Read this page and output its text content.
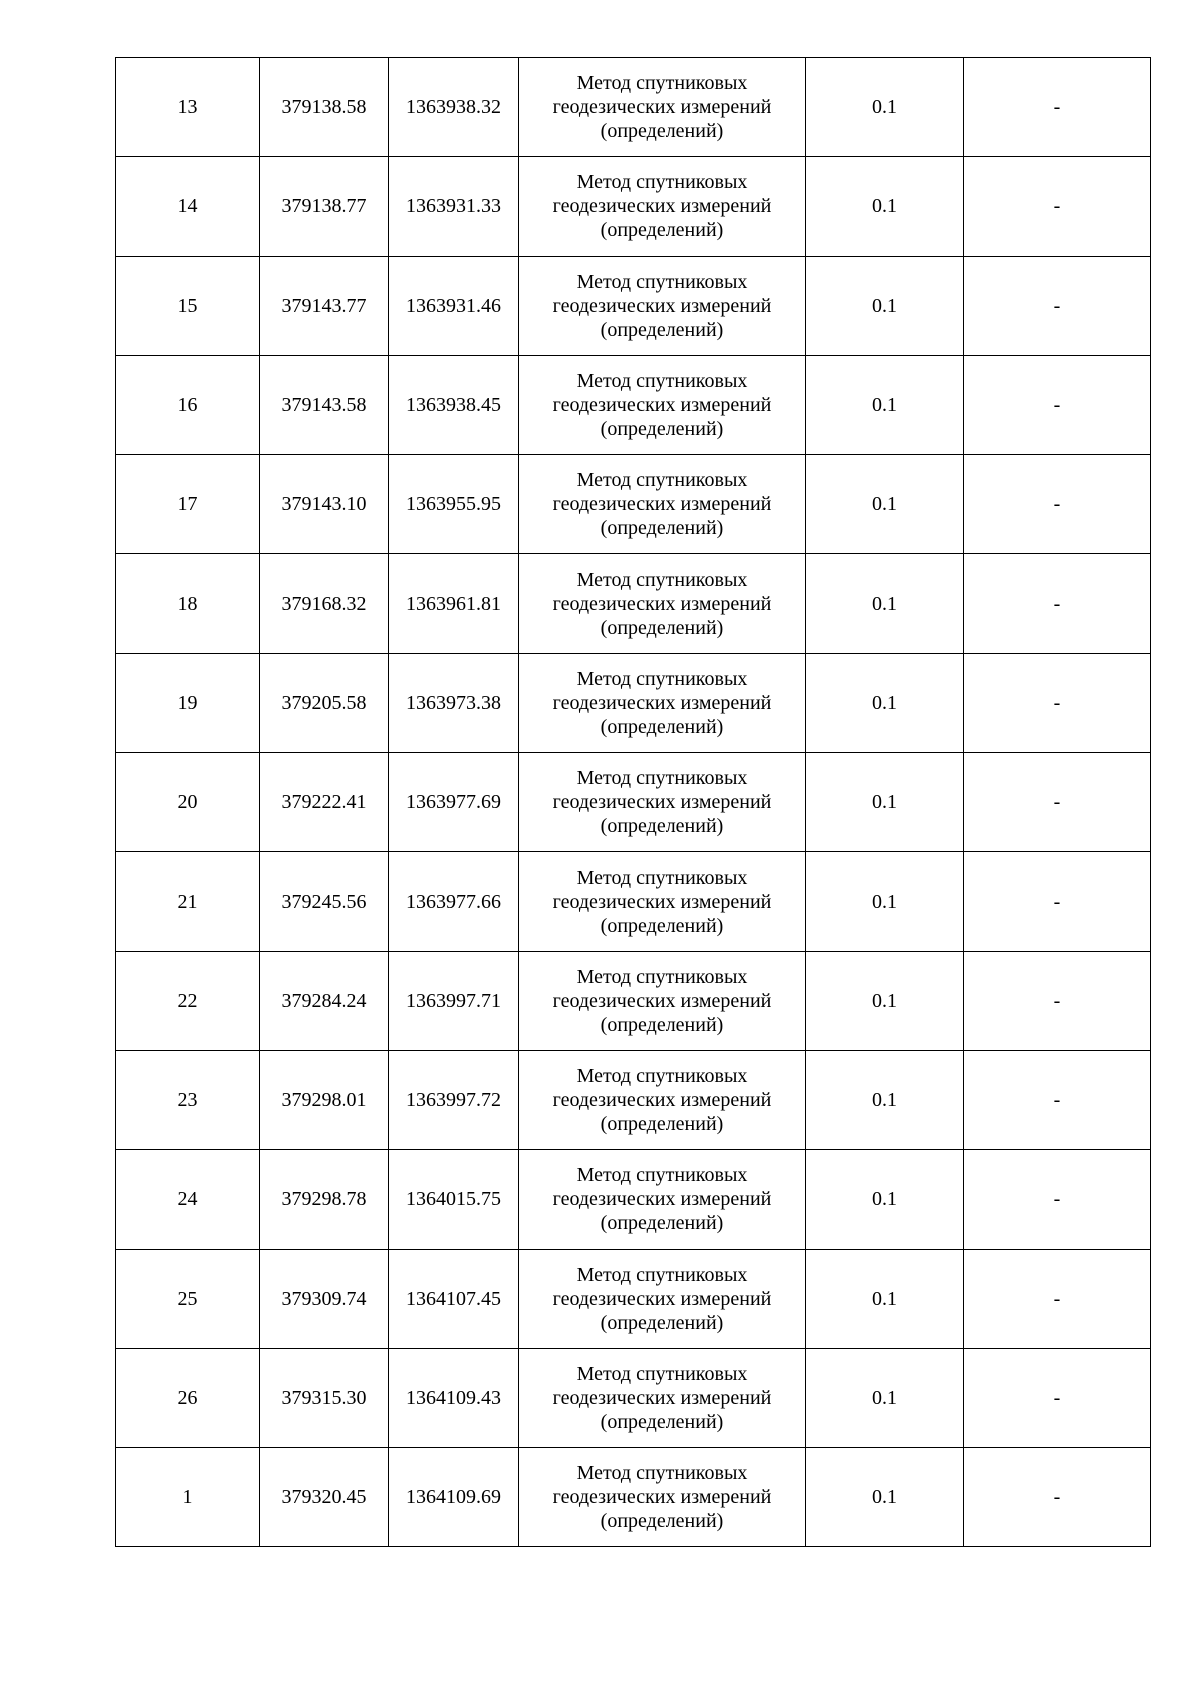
13	379138.58	1363938.32	Метод спутниковых
геодезических измерений
(определений)	0.1	-
14	379138.77	1363931.33	Метод спутниковых
геодезических измерений
(определений)	0.1	-
15	379143.77	1363931.46	Метод спутниковых
геодезических измерений
(определений)	0.1	-
16	379143.58	1363938.45	Метод спутниковых
геодезических измерений
(определений)	0.1	-
17	379143.10	1363955.95	Метод спутниковых
геодезических измерений
(определений)	0.1	-
18	379168.32	1363961.81	Метод спутниковых
геодезических измерений
(определений)	0.1	-
19	379205.58	1363973.38	Метод спутниковых
геодезических измерений
(определений)	0.1	-
20	379222.41	1363977.69	Метод спутниковых
геодезических измерений
(определений)	0.1	-
21	379245.56	1363977.66	Метод спутниковых
геодезических измерений
(определений)	0.1	-
22	379284.24	1363997.71	Метод спутниковых
геодезических измерений
(определений)	0.1	-
23	379298.01	1363997.72	Метод спутниковых
геодезических измерений
(определений)	0.1	-
24	379298.78	1364015.75	Метод спутниковых
геодезических измерений
(определений)	0.1	-
25	379309.74	1364107.45	Метод спутниковых
геодезических измерений
(определений)	0.1	-
26	379315.30	1364109.43	Метод спутниковых
геодезических измерений
(определений)	0.1	-
1	379320.45	1364109.69	Метод спутниковых
геодезических измерений
(определений)	0.1	-
